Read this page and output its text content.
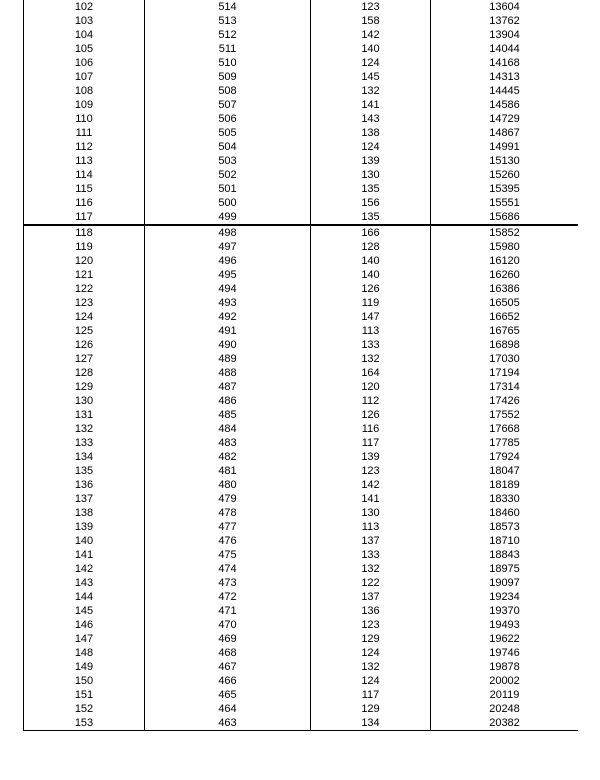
102	514	123	13604
103	513	158	13762
104	512	142	13904
105	511	140	14044
106	510	124	14168
107	509	145	14313
108	508	132	14445
109	507	141	14586
110	506	143	14729
111	505	138	14867
112	504	124	14991
113	503	139	15130
114	502	130	15260
115	501	135	15395
116	500	156	15551
117	499	135	15686
118	498	166	15852
119	497	128	15980
120	496	140	16120
121	495	140	16260
122	494	126	16386
123	493	119	16505
124	492	147	16652
125	491	113	16765
126	490	133	16898
127	489	132	17030
128	488	164	17194
129	487	120	17314
130	486	112	17426
131	485	126	17552
132	484	116	17668
133	483	117	17785
134	482	139	17924
135	481	123	18047
136	480	142	18189
137	479	141	18330
138	478	130	18460
139	477	113	18573
140	476	137	18710
141	475	133	18843
142	474	132	18975
143	473	122	19097
144	472	137	19234
145	471	136	19370
146	470	123	19493
147	469	129	19622
148	468	124	19746
149	467	132	19878
150	466	124	20002
151	465	117	20119
152	464	129	20248
153	463	134	20382
